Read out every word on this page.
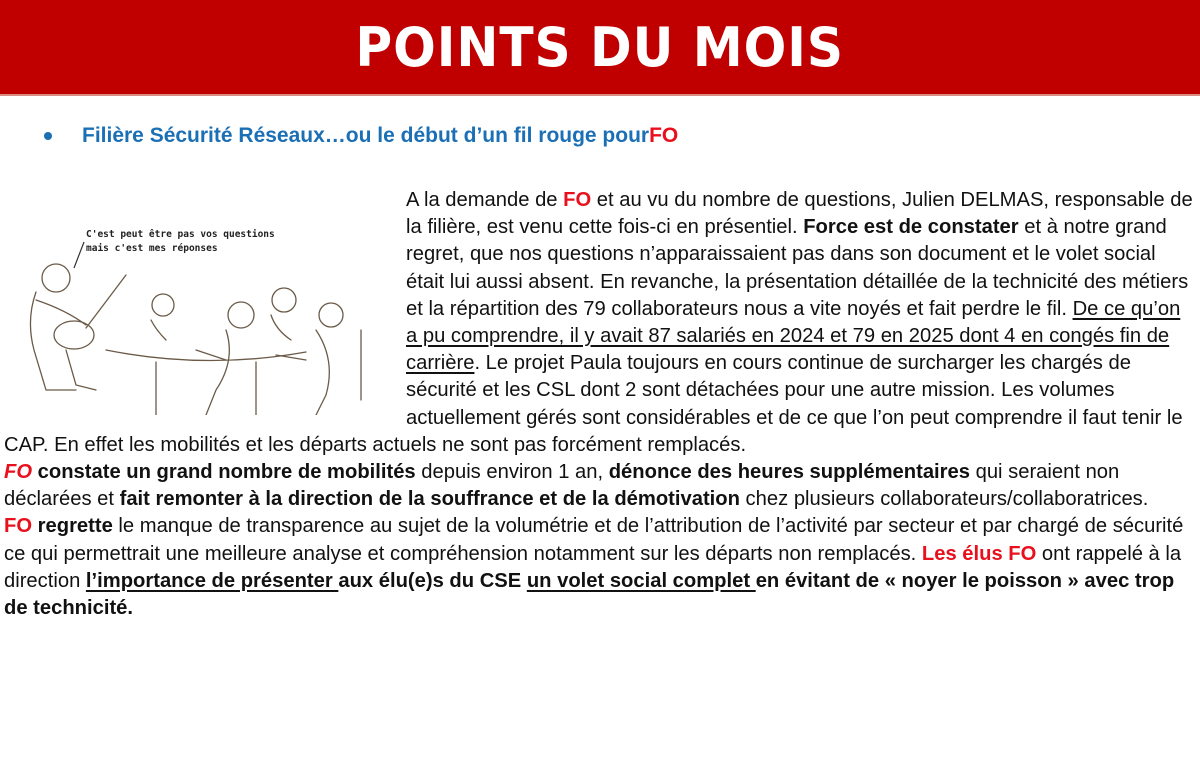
POINTS DU MOIS
Filière Sécurité Réseaux…ou le début d’un fil rouge pour FO
C'est peut être pas vos questions
mais c'est mes réponses

A la demande de FO et au vu du nombre de questions, Julien DELMAS, responsable de la filière, est venu cette fois-ci en présentiel. Force est de constater et à notre grand regret, que nos questions n’apparaissaient pas dans son document et le volet social était lui aussi absent. En revanche, la présentation détaillée de la technicité des métiers et la répartition des 79 collaborateurs nous a vite noyés et fait perdre le fil. De ce qu’on a pu comprendre, il y avait 87 salariés en 2024 et 79 en 2025 dont 4 en congés fin de carrière. Le projet Paula toujours en cours continue de surcharger les chargés de sécurité et les CSL dont 2 sont détachées pour une autre mission. Les volumes actuellement gérés sont considérables et de ce que l’on peut comprendre il faut tenir le CAP. En effet les mobilités et les départs actuels ne sont pas forcément remplacés.

FO constate un grand nombre de mobilités depuis environ 1 an, dénonce des heures supplémentaires qui seraient non déclarées et fait remonter à la direction de la souffrance et de la démotivation chez plusieurs collaborateurs/collaboratrices.

FO regrette le manque de transparence au sujet de la volumétrie et de l’attribution de l’activité par secteur et par chargé de sécurité ce qui permettrait une meilleure analyse et compréhension notamment sur les départs non remplacés. Les élus FO ont rappelé à la direction l’importance de présenter aux élu(e)s du CSE un volet social complet en évitant de « noyer le poisson » avec trop de technicité.
